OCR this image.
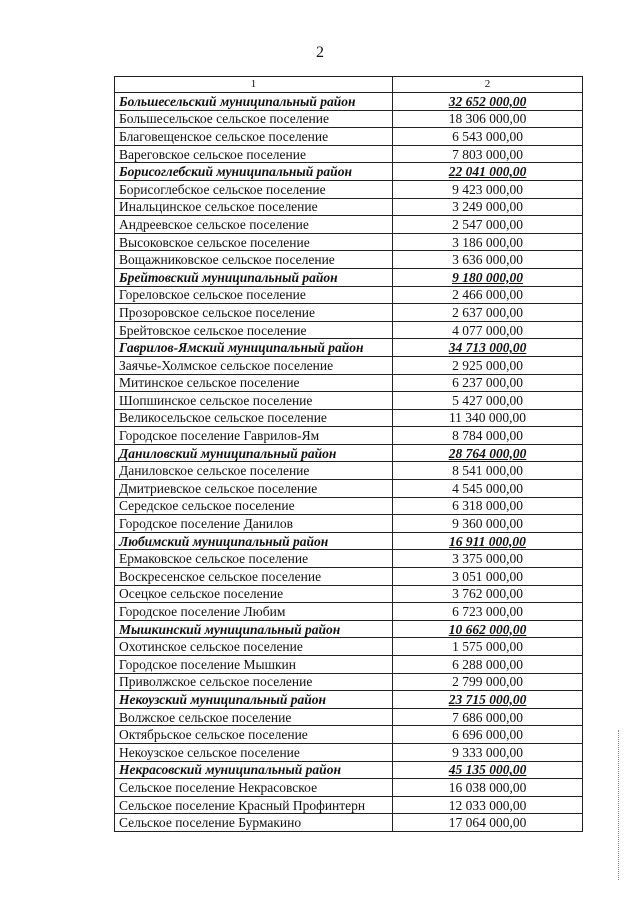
2
1	2
Большесельский муниципальный район	32 652 000,00
Большесельское сельское поселение	18 306 000,00
Благовещенское сельское поселение	6 543 000,00
Вареговское сельское поселение	7 803 000,00
Борисоглебский муниципальный район	22 041 000,00
Борисоглебское сельское поселение	9 423 000,00
Инальцинское сельское поселение	3 249 000,00
Андреевское сельское поселение	2 547 000,00
Высоковское сельское поселение	3 186 000,00
Вощажниковское сельское поселение	3 636 000,00
Брейтовский муниципальный район	9 180 000,00
Гореловское сельское поселение	2 466 000,00
Прозоровское сельское поселение	2 637 000,00
Брейтовское сельское поселение	4 077 000,00
Гаврилов-Ямский муниципальный район	34 713 000,00
Заячье-Холмское сельское поселение	2 925 000,00
Митинское сельское поселение	6 237 000,00
Шопшинское сельское поселение	5 427 000,00
Великосельское сельское поселение	11 340 000,00
Городское поселение Гаврилов-Ям	8 784 000,00
Даниловский муниципальный район	28 764 000,00
Даниловское сельское поселение	8 541 000,00
Дмитриевское сельское поселение	4 545 000,00
Середское сельское поселение	6 318 000,00
Городское поселение Данилов	9 360 000,00
Любимский муниципальный район	16 911 000,00
Ермаковское сельское поселение	3 375 000,00
Воскресенское сельское поселение	3 051 000,00
Осецкое сельское поселение	3 762 000,00
Городское поселение Любим	6 723 000,00
Мышкинский муниципальный район	10 662 000,00
Охотинское сельское поселение	1 575 000,00
Городское поселение Мышкин	6 288 000,00
Приволжское сельское поселение	2 799 000,00
Некоузский муниципальный район	23 715 000,00
Волжское сельское поселение	7 686 000,00
Октябрьское сельское поселение	6 696 000,00
Некоузское сельское поселение	9 333 000,00
Некрасовский муниципальный район	45 135 000,00
Сельское поселение Некрасовское	16 038 000,00
Сельское поселение Красный Профинтерн	12 033 000,00
Сельское поселение Бурмакино	17 064 000,00
